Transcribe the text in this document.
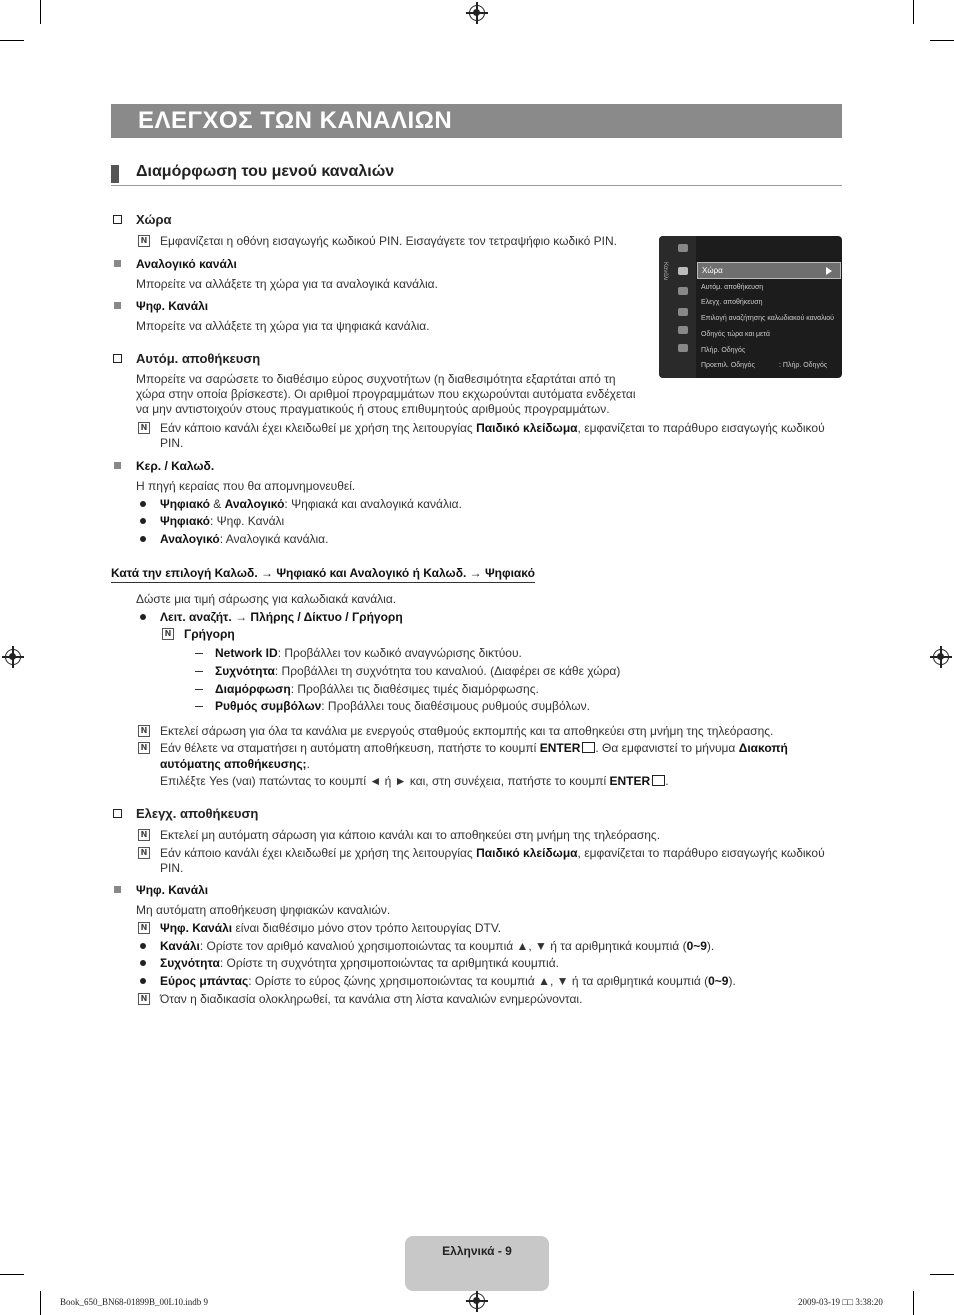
ΕΛΕΓΧΟΣ ΤΩΝ ΚΑΝΑΛΙΩΝ
Διαμόρφωση του μενού καναλιών
Κανάλι	Χώρα
Αυτόμ. αποθήκευση
Ελεγχ. αποθήκευση
Επιλογή αναζήτησης καλωδιακού καναλιού
Οδηγός τώρα και μετά
Πλήρ. Οδηγός
Προεπιλ. Οδηγός	: Πλήρ. Οδηγός
Χώρα
N Εμφανίζεται η οθόνη εισαγωγής κωδικού PIN. Εισαγάγετε τον τετραψήφιο κωδικό PIN.
Αναλογικό κανάλι
Μπορείτε να αλλάξετε τη χώρα για τα αναλογικά κανάλια.
Ψηφ. Κανάλι
Μπορείτε να αλλάξετε τη χώρα για τα ψηφιακά κανάλια.
Αυτόμ. αποθήκευση
Μπορείτε να σαρώσετε το διαθέσιμο εύρος συχνοτήτων (η διαθεσιμότητα εξαρτάται από τη
χώρα στην οποία βρίσκεστε). Οι αριθμοί προγραμμάτων που εκχωρούνται αυτόματα ενδέχεται
να μην αντιστοιχούν στους πραγματικούς ή στους επιθυμητούς αριθμούς προγραμμάτων.
N Εάν κάποιο κανάλι έχει κλειδωθεί με χρήση της λειτουργίας Παιδικό κλείδωμα, εμφανίζεται το παράθυρο εισαγωγής κωδικού
PIN.
Κερ. / Καλωδ.
Η πηγή κεραίας που θα απομνημονευθεί.
Ψηφιακό & Αναλογικό: Ψηφιακά και αναλογικά κανάλια.
Ψηφιακό: Ψηφ. Κανάλι
Αναλογικό: Αναλογικά κανάλια.
Κατά την επιλογή Καλωδ. → Ψηφιακό και Αναλογικό ή Καλωδ. → Ψηφιακό
Δώστε μια τιμή σάρωσης για καλωδιακά κανάλια.
Λειτ. αναζήτ. → Πλήρης / Δίκτυο / Γρήγορη
N Γρήγορη
Network ID: Προβάλλει τον κωδικό αναγνώρισης δικτύου.
Συχνότητα: Προβάλλει τη συχνότητα του καναλιού. (Διαφέρει σε κάθε χώρα)
Διαμόρφωση: Προβάλλει τις διαθέσιμες τιμές διαμόρφωσης.
Ρυθμός συμβόλων: Προβάλλει τους διαθέσιμους ρυθμούς συμβόλων.
N Εκτελεί σάρωση για όλα τα κανάλια με ενεργούς σταθμούς εκπομπής και τα αποθηκεύει στη μνήμη της τηλεόρασης.
N Εάν θέλετε να σταματήσει η αυτόματη αποθήκευση, πατήστε το κουμπί ENTER . Θα εμφανιστεί το μήνυμα Διακοπή
αυτόματης αποθήκευσης;.
Επιλέξτε Yes (ναι) πατώντας το κουμπί ◄ ή ► και, στη συνέχεια, πατήστε το κουμπί ENTER .
Ελεγχ. αποθήκευση
N Εκτελεί μη αυτόματη σάρωση για κάποιο κανάλι και το αποθηκεύει στη μνήμη της τηλεόρασης.
N Εάν κάποιο κανάλι έχει κλειδωθεί με χρήση της λειτουργίας Παιδικό κλείδωμα, εμφανίζεται το παράθυρο εισαγωγής κωδικού
PIN.
Ψηφ. Κανάλι
Μη αυτόματη αποθήκευση ψηφιακών καναλιών.
N Ψηφ. Κανάλι είναι διαθέσιμο μόνο στον τρόπο λειτουργίας DTV.
Κανάλι: Ορίστε τον αριθμό καναλιού χρησιμοποιώντας τα κουμπιά ▲, ▼ ή τα αριθμητικά κουμπιά (0~9).
Συχνότητα: Ορίστε τη συχνότητα χρησιμοποιώντας τα αριθμητικά κουμπιά.
Εύρος μπάντας: Ορίστε το εύρος ζώνης χρησιμοποιώντας τα κουμπιά ▲, ▼ ή τα αριθμητικά κουμπιά (0~9).
N Όταν η διαδικασία ολοκληρωθεί, τα κανάλια στη λίστα καναλιών ενημερώνονται.
Ελληνικά - 9
Book_650_BN68-01899B_00L10.indb 9	2009-03-19 □□ 3:38:20
